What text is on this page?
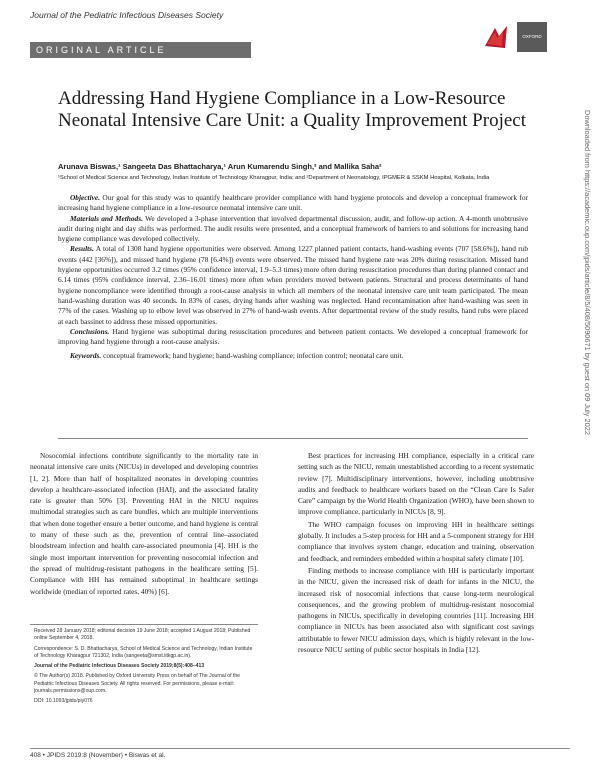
Journal of the Pediatric Infectious Diseases Society
ORIGINAL ARTICLE
OXFORD
Addressing Hand Hygiene Compliance in a Low-Resource Neonatal Intensive Care Unit: a Quality Improvement Project
Arunava Biswas,¹ Sangeeta Das Bhattacharya,¹ Arun Kumarendu Singh,² and Mallika Saha²
¹School of Medical Science and Technology, Indian Institute of Technology Kharagpur, India; and ²Department of Neonatology, IPGMER & SSKM Hospital, Kolkata, India

Objective. Our goal for this study was to quantify healthcare provider compliance with hand hygiene protocols and develop a conceptual framework for increasing hand hygiene compliance in a low-resource neonatal intensive care unit.

Materials and Methods. We developed a 3-phase intervention that involved departmental discussion, audit, and follow-up action. A 4-month unobtrusive audit during night and day shifts was performed. The audit results were presented, and a conceptual framework of barriers to and solutions for increasing hand hygiene compliance was developed collectively.

Results. A total of 1308 hand hygiene opportunities were observed. Among 1227 planned patient contacts, hand-washing events (707 [58.6%]), hand rub events (442 [36%]), and missed hand hygiene (78 [6.4%]) events were observed. The missed hand hygiene rate was 20% during resuscitation. Missed hand hygiene opportunities occurred 3.2 times (95% confidence interval, 1.9–5.3 times) more often during resuscitation procedures than during planned contact and 6.14 times (95% confidence interval, 2.36–16.01 times) more often when providers moved between patients. Structural and process determinants of hand hygiene noncompliance were identified through a root-cause analysis in which all members of the neonatal intensive care unit team participated. The mean hand-washing duration was 40 seconds. In 83% of cases, drying hands after washing was neglected. Hand recontamination after hand-washing was seen in 77% of the cases. Washing up to elbow level was observed in 27% of hand-wash events. After departmental review of the study results, hand rubs were placed at each bassinet to address these missed opportunities.

Conclusions. Hand hygiene was suboptimal during resuscitation procedures and between patient contacts. We developed a conceptual framework for improving hand hygiene through a root-cause analysis.

Keywords. conceptual framework; hand hygiene; hand-washing compliance; infection control; neonatal care unit.

Nosocomial infections contribute significantly to the mortality rate in neonatal intensive care units (NICUs) in developed and developing countries [1, 2]. More than half of hospitalized neonates in developing countries develop a healthcare-associated infection (HAI), and the associated fatality rate is greater than 50% [3]. Preventing HAI in the NICU requires multimodal strategies such as care bundles, which are multiple interventions that when done together ensure a better outcome, and hand hygiene is central to many of these such as the, prevention of central line–associated bloodstream infection and health care-associated pneumonia [4]. HH is the single most important intervention for preventing nosocomial infection and the spread of multidrug-resistant pathogens in the healthcare setting [5]. Compliance with HH has remained suboptimal in healthcare settings worldwide (median of reported rates, 40%) [6].

Best practices for increasing HH compliance, especially in a critical care setting such as the NICU, remain unestablished according to a recent systematic review [7]. Multidisciplinary interventions, however, including unobtrusive audits and feedback to healthcare workers based on the “Clean Care Is Safer Care” campaign by the World Health Organization (WHO), have been shown to improve compliance, particularly in NICUs [8, 9].

The WHO campaign focuses on improving HH in healthcare settings globally. It includes a 5-step process for HH and a 5-component strategy for HH compliance that involves system change, education and training, observation and feedback, and reminders embedded within a hospital safety climate [10].

Finding methods to increase compliance with HH is particularly important in the NICU, given the increased risk of death for infants in the NICU, the increased risk of nosocomial infections that cause long-term neurological consequences, and the growing problem of multidrug-resistant nosocomial pathogens in NICUs, specifically in developing countries [11]. Increasing HH compliance in NICUs has been associated also with significant cost savings attributable to fewer NICU admission days, which is highly relevant in the low-resource NICU setting of public sector hospitals in India [12].

Received 28 January 2018; editorial decision 19 June 2018; accepted 1 August 2018; Published online September 4, 2018.

Correspondence: S. D. Bhattacharya, School of Medical Science and Technology, Indian Institute of Technology Kharagpur 721302, India (sangeeta@smst.iitkgp.ac.in).

Journal of the Pediatric Infectious Diseases Society 2019;8(5):408–413

© The Author(s) 2018. Published by Oxford University Press on behalf of The Journal of the Pediatric Infectious Diseases Society. All rights reserved. For permissions, please e-mail: journals.permissions@oup.com.

DOI: 10.1093/jpids/piy076

408 • JPIDS 2019:8 (November) • Biswas et al.
Downloaded from https://academic.oup.com/jpids/article/8/5/408/5090671 by guest on 09 July 2022
